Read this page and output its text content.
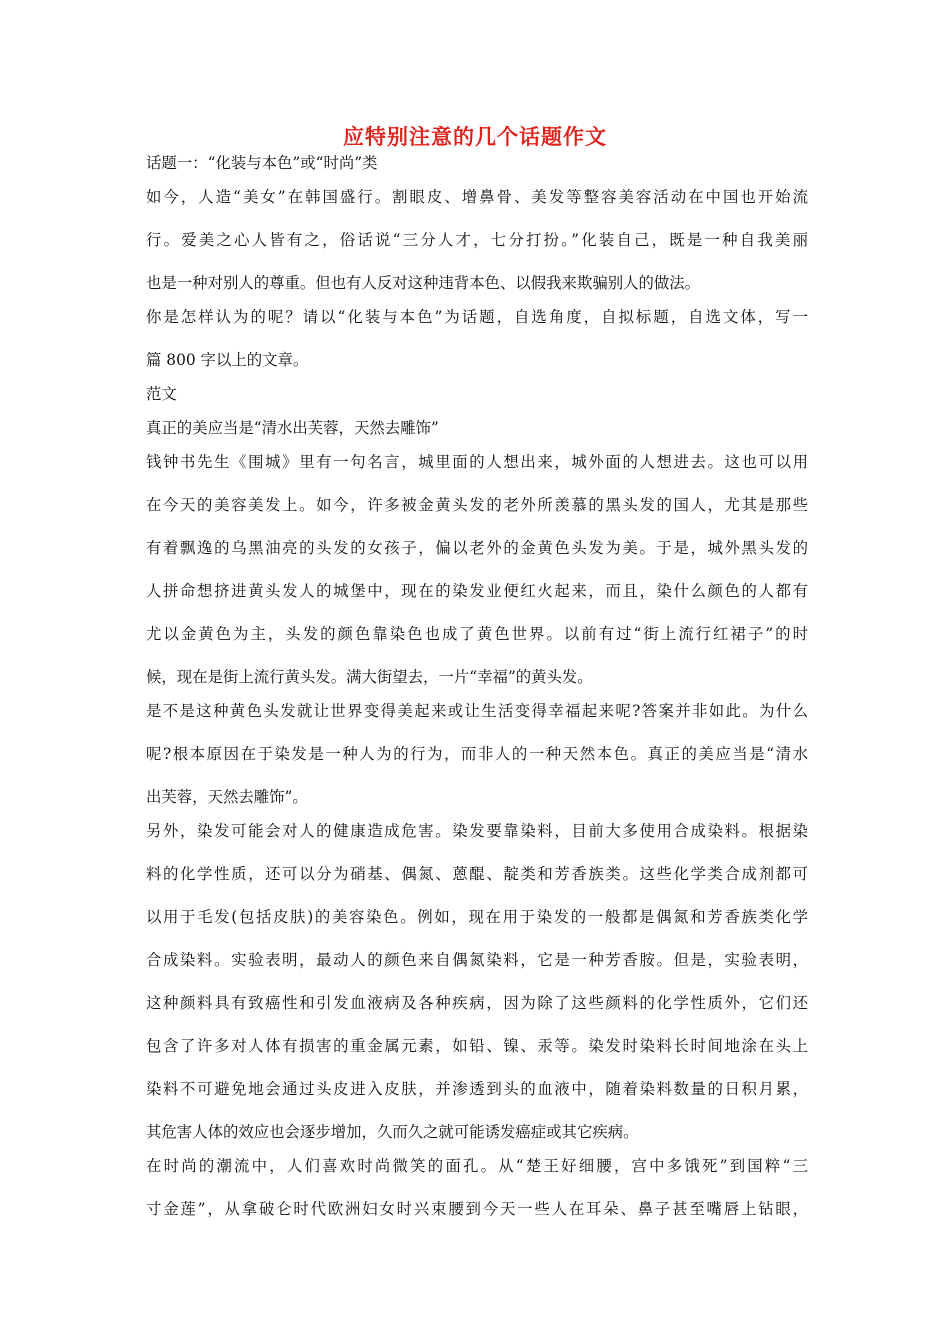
应特别注意的几个话题作文
话题一：“化装与本色”或“时尚”类
如今，人造“美女”在韩国盛行。割眼皮、增鼻骨、美发等整容美容活动在中国也开始流
行。爱美之心人皆有之，俗话说“三分人才，七分打扮。”化装自己，既是一种自我美丽
也是一种对别人的尊重。但也有人反对这种违背本色、以假我来欺骗别人的做法。
你是怎样认为的呢？请以“化装与本色”为话题，自选角度，自拟标题，自选文体，写一
篇 800 字以上的文章。
范文
真正的美应当是“清水出芙蓉，天然去雕饰”
钱钟书先生《围城》里有一句名言，城里面的人想出来，城外面的人想进去。这也可以用
在今天的美容美发上。如今，许多被金黄头发的老外所羡慕的黑头发的国人，尤其是那些
有着飘逸的乌黑油亮的头发的女孩子，偏以老外的金黄色头发为美。于是，城外黑头发的
人拼命想挤进黄头发人的城堡中，现在的染发业便红火起来，而且，染什么颜色的人都有
尤以金黄色为主，头发的颜色靠染色也成了黄色世界。以前有过“街上流行红裙子”的时
候，现在是街上流行黄头发。满大街望去，一片“幸福”的黄头发。
是不是这种黄色头发就让世界变得美起来或让生活变得幸福起来呢?答案并非如此。为什么
呢?根本原因在于染发是一种人为的行为，而非人的一种天然本色。真正的美应当是“清水
出芙蓉，天然去雕饰”。
另外，染发可能会对人的健康造成危害。染发要靠染料，目前大多使用合成染料。根据染
料的化学性质，还可以分为硝基、偶氮、蒽醌、靛类和芳香族类。这些化学类合成剂都可
以用于毛发(包括皮肤)的美容染色。例如，现在用于染发的一般都是偶氮和芳香族类化学
合成染料。实验表明，最动人的颜色来自偶氮染料，它是一种芳香胺。但是，实验表明，
这种颜料具有致癌性和引发血液病及各种疾病，因为除了这些颜料的化学性质外，它们还
包含了许多对人体有损害的重金属元素，如铅、镍、汞等。染发时染料长时间地涂在头上
染料不可避免地会通过头皮进入皮肤，并渗透到头的血液中，随着染料数量的日积月累，
其危害人体的效应也会逐步增加，久而久之就可能诱发癌症或其它疾病。
在时尚的潮流中，人们喜欢时尚微笑的面孔。从“楚王好细腰，宫中多饿死”到国粹“三
寸金莲”，从拿破仑时代欧洲妇女时兴束腰到今天一些人在耳朵、鼻子甚至嘴唇上钻眼，
